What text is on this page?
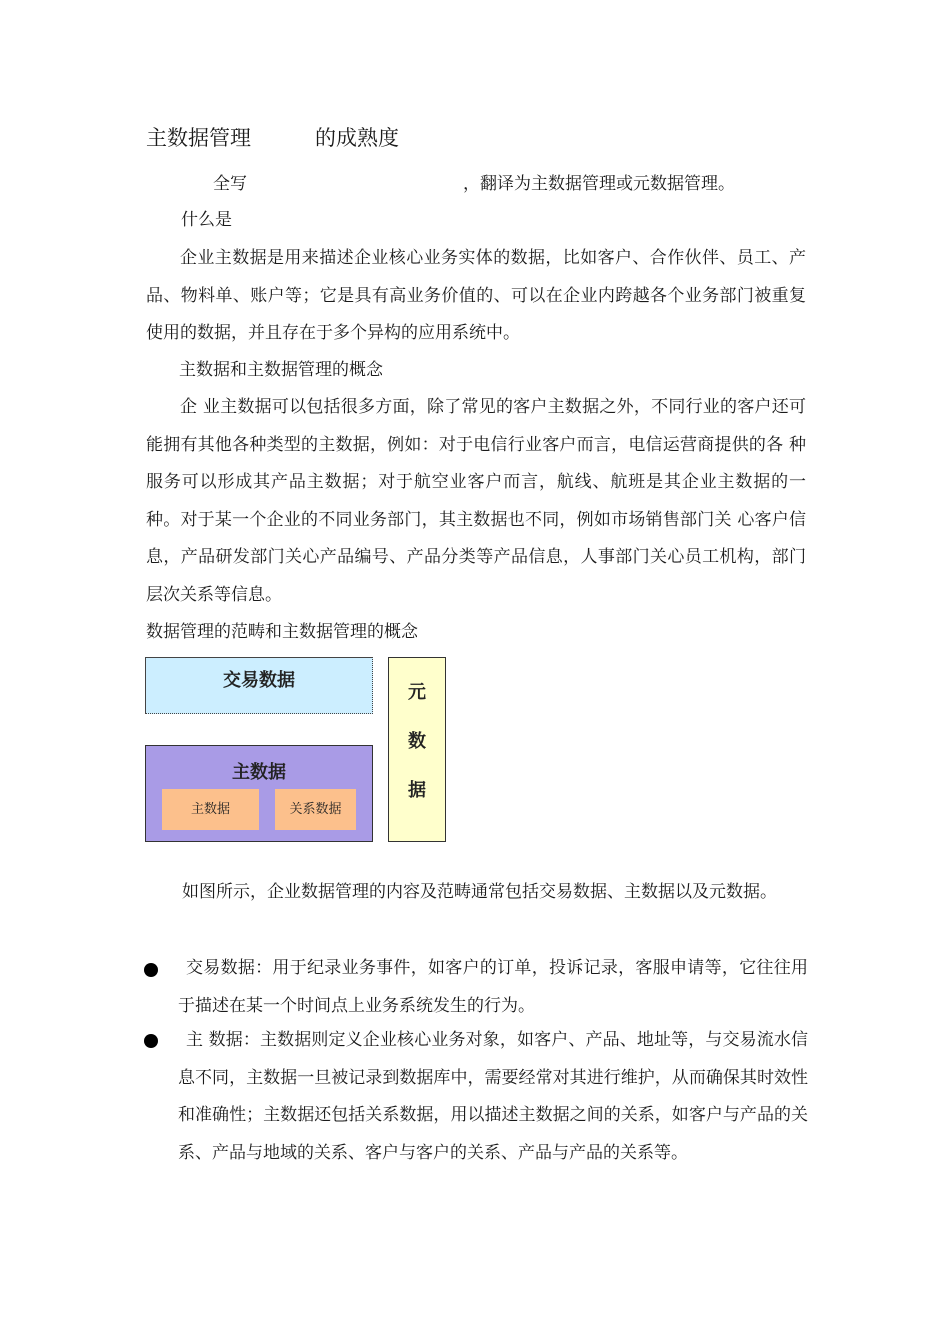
主数据管理	的成熟度
全写	，翻译为主数据管理或元数据管理。
什么是
企业主数据是用来描述企业核心业务实体的数据，比如客户、合作伙伴、员工、产品、物料单、账户等；它是具有高业务价值的、可以在企业内跨越各个业务部门被重复使用的数据，并且存在于多个异构的应用系统中。
主数据和主数据管理的概念
企 业主数据可以包括很多方面，除了常见的客户主数据之外，不同行业的客户还可能拥有其他各种类型的主数据，例如：对于电信行业客户而言，电信运营商提供的各 种服务可以形成其产品主数据；对于航空业客户而言，航线、航班是其企业主数据的一种。对于某一个企业的不同业务部门，其主数据也不同，例如市场销售部门关 心客户信息，产品研发部门关心产品编号、产品分类等产品信息，人事部门关心员工机构，部门层次关系等信息。
数据管理的范畴和主数据管理的概念
交易数据
主数据
主数据	关系数据
元
数
据
如图所示，企业数据管理的内容及范畴通常包括交易数据、主数据以及元数据。
交易数据：用于纪录业务事件，如客户的订单，投诉记录，客服申请等，它往往用于描述在某一个时间点上业务系统发生的行为。
主 数据：主数据则定义企业核心业务对象，如客户、产品、地址等，与交易流水信息不同，主数据一旦被记录到数据库中，需要经常对其进行维护，从而确保其时效性 和准确性；主数据还包括关系数据，用以描述主数据之间的关系，如客户与产品的关系、产品与地域的关系、客户与客户的关系、产品与产品的关系等。
